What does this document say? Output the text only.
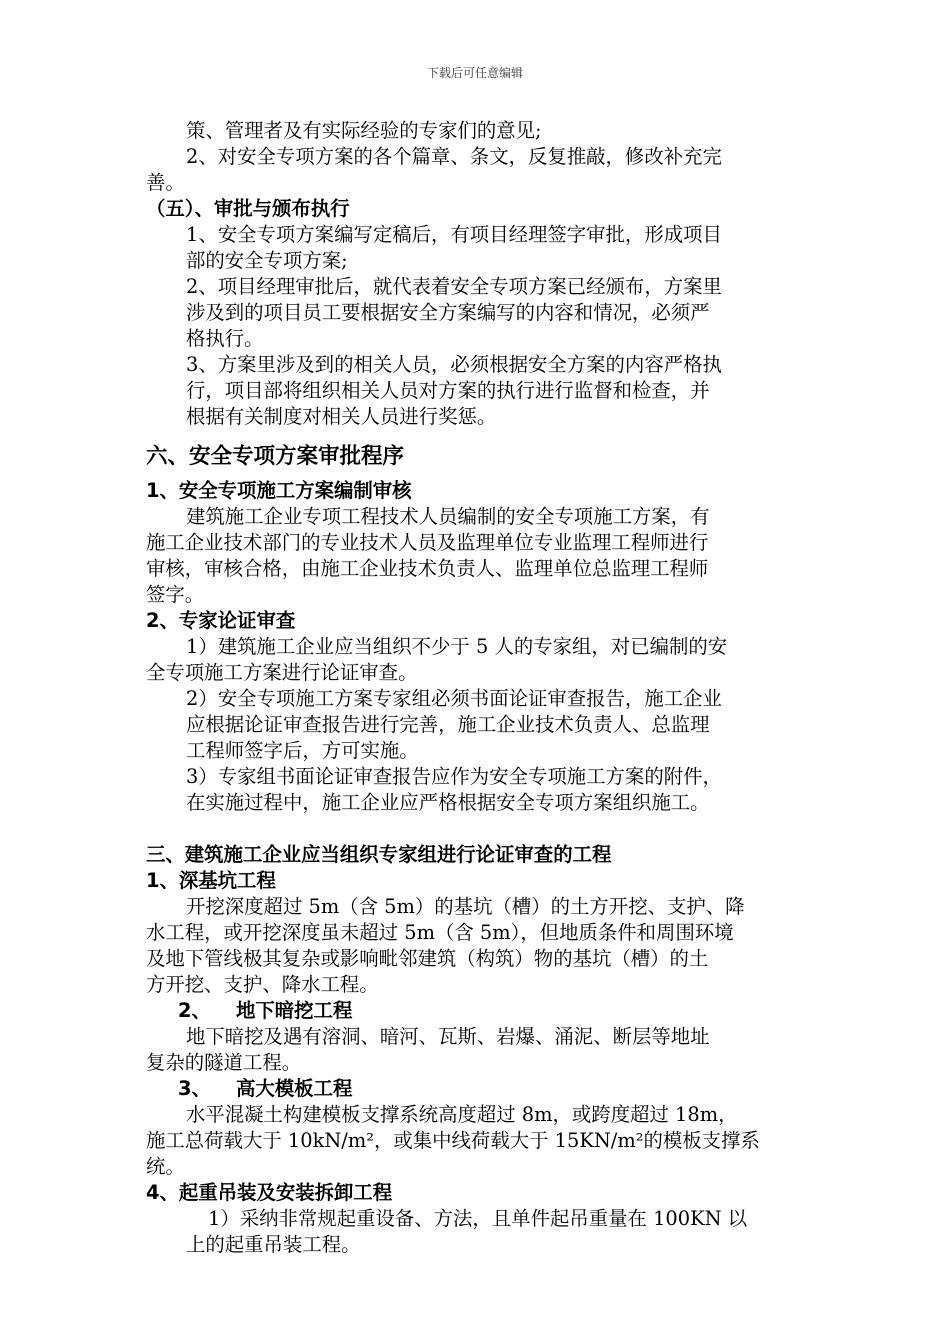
下载后可任意编辑

策、管理者及有实际经验的专家们的意见;

2、对安全专项方案的各个篇章、条文，反复推敲，修改补充完

善。

（五）、审批与颁布执行

1、安全专项方案编写定稿后，有项目经理签字审批，形成项目

部的安全专项方案;

2、项目经理审批后，就代表着安全专项方案已经颁布，方案里

涉及到的项目员工要根据安全方案编写的内容和情况，必须严

格执行。

3、方案里涉及到的相关人员，必须根据安全方案的内容严格执

行，项目部将组织相关人员对方案的执行进行监督和检查，并

根据有关制度对相关人员进行奖惩。

六、安全专项方案审批程序

1、安全专项施工方案编制审核

建筑施工企业专项工程技术人员编制的安全专项施工方案，有

施工企业技术部门的专业技术人员及监理单位专业监理工程师进行

审核，审核合格，由施工企业技术负责人、监理单位总监理工程师

签字。

2、专家论证审查

1）建筑施工企业应当组织不少于 5 人的专家组，对已编制的安

全专项施工方案进行论证审查。

2）安全专项施工方案专家组必须书面论证审查报告，施工企业

应根据论证审查报告进行完善，施工企业技术负责人、总监理

工程师签字后，方可实施。

3）专家组书面论证审查报告应作为安全专项施工方案的附件，

在实施过程中，施工企业应严格根据安全专项方案组织施工。

三、建筑施工企业应当组织专家组进行论证审查的工程

1、深基坑工程

开挖深度超过 5m（含 5m）的基坑（槽）的土方开挖、支护、降

水工程，或开挖深度虽未超过 5m（含 5m），但地质条件和周围环境

及地下管线极其复杂或影响毗邻建筑（构筑）物的基坑（槽）的土

方开挖、支护、降水工程。

2、 地下暗挖工程

地下暗挖及遇有溶洞、暗河、瓦斯、岩爆、涌泥、断层等地址

复杂的隧道工程。

3、 高大模板工程

水平混凝土构建模板支撑系统高度超过 8m，或跨度超过 18m，

施工总荷载大于 10kN/m²，或集中线荷载大于 15KN/m²的模板支撑系

统。

4、起重吊装及安装拆卸工程

1）采纳非常规起重设备、方法，且单件起吊重量在 100KN 以

上的起重吊装工程。
